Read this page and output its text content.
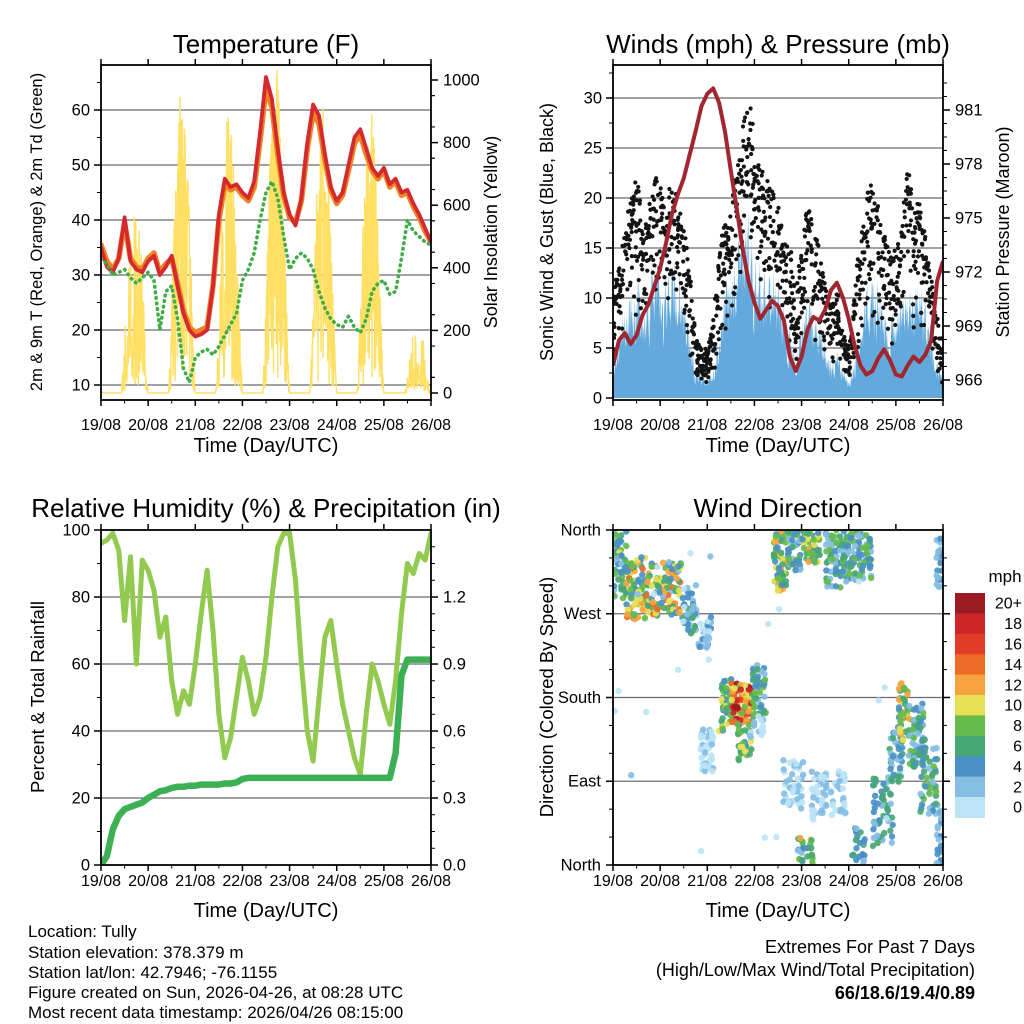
19/08 20/08 21/08 22/08 23/08 24/08 25/08 26/08
10
20
30
40
50
60
0
200
400
600
800
1000
19/08 20/08 21/08 22/08 23/08 24/08 25/08 26/08
0
5
10
15
20
25
30
966
969
972
975
978
981
19/08 20/08 21/08 22/08 23/08 24/08 25/08 26/08
0
20
40
60
80
100
0.0
0.3
0.6
0.9
1.2
19/08 20/08 21/08 22/08 23/08 24/08 25/08 26/08
North
West
South
East
North
20+
18
16
14
12
10
8
6
4
2
0
Temperature (F)	Winds (mph) & Pressure (mb)
Relative Humidity (%) & Precipitation (in)	Wind Direction
Time (Day/UTC)	Time (Day/UTC)
Time (Day/UTC)	Time (Day/UTC)
2m & 9m T (Red, Orange) & 2m Td (Green)	Solar Insolation (Yellow) Sonic Wind & Gust (Blue, Black)	Station Pressure (Maroon)
Percent & Total Rainfall	Direction (Colored By Speed)
mph
Location: Tully
Station elevation: 378.379 m
Station lat/lon: 42.7946; -76.1155
Figure created on Sun, 2026-04-26, at 08:28 UTC
Most recent data timestamp: 2026/04/26 08:15:00
Extremes For Past 7 Days
(High/Low/Max Wind/Total Precipitation)
66/18.6/19.4/0.89
